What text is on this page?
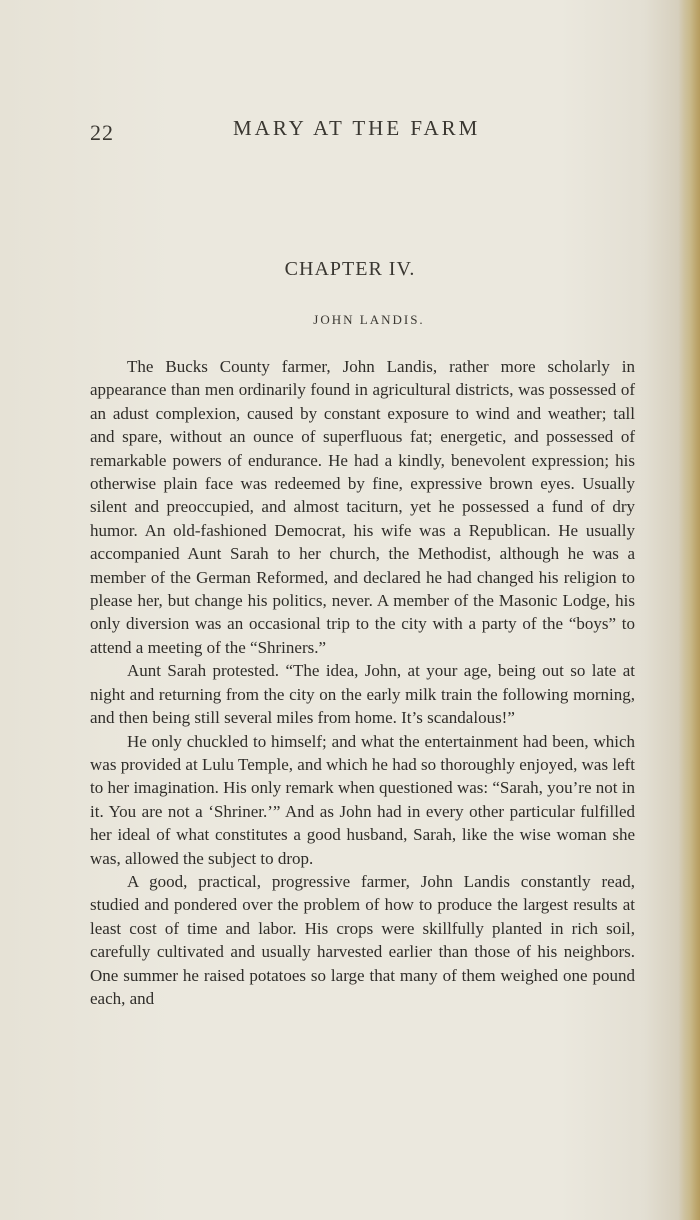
22	MARY AT THE FARM
CHAPTER IV.
JOHN LANDIS.

The Bucks County farmer, John Landis, rather more scholarly in appearance than men ordinarily found in agricultural districts, was possessed of an adust complexion, caused by constant exposure to wind and weather; tall and spare, without an ounce of superfluous fat; energetic, and possessed of remarkable powers of endurance. He had a kindly, benevolent expression; his otherwise plain face was redeemed by fine, expressive brown eyes. Usually silent and preoccupied, and almost taciturn, yet he possessed a fund of dry humor. An old-fashioned Democrat, his wife was a Republican. He usually accompanied Aunt Sarah to her church, the Methodist, although he was a member of the German Reformed, and declared he had changed his religion to please her, but change his politics, never. A member of the Masonic Lodge, his only diversion was an occasional trip to the city with a party of the “boys” to attend a meeting of the “Shriners.”

Aunt Sarah protested. “The idea, John, at your age, being out so late at night and returning from the city on the early milk train the following morning, and then being still several miles from home. It’s scandalous!”

He only chuckled to himself; and what the entertainment had been, which was provided at Lulu Temple, and which he had so thoroughly enjoyed, was left to her imagination. His only remark when questioned was: “Sarah, you’re not in it. You are not a ‘Shriner.’” And as John had in every other particular fulfilled her ideal of what constitutes a good husband, Sarah, like the wise woman she was, allowed the subject to drop.

A good, practical, progressive farmer, John Landis constantly read, studied and pondered over the problem of how to produce the largest results at least cost of time and labor. His crops were skillfully planted in rich soil, carefully cultivated and usually harvested earlier than those of his neighbors. One summer he raised potatoes so large that many of them weighed one pound each, and
